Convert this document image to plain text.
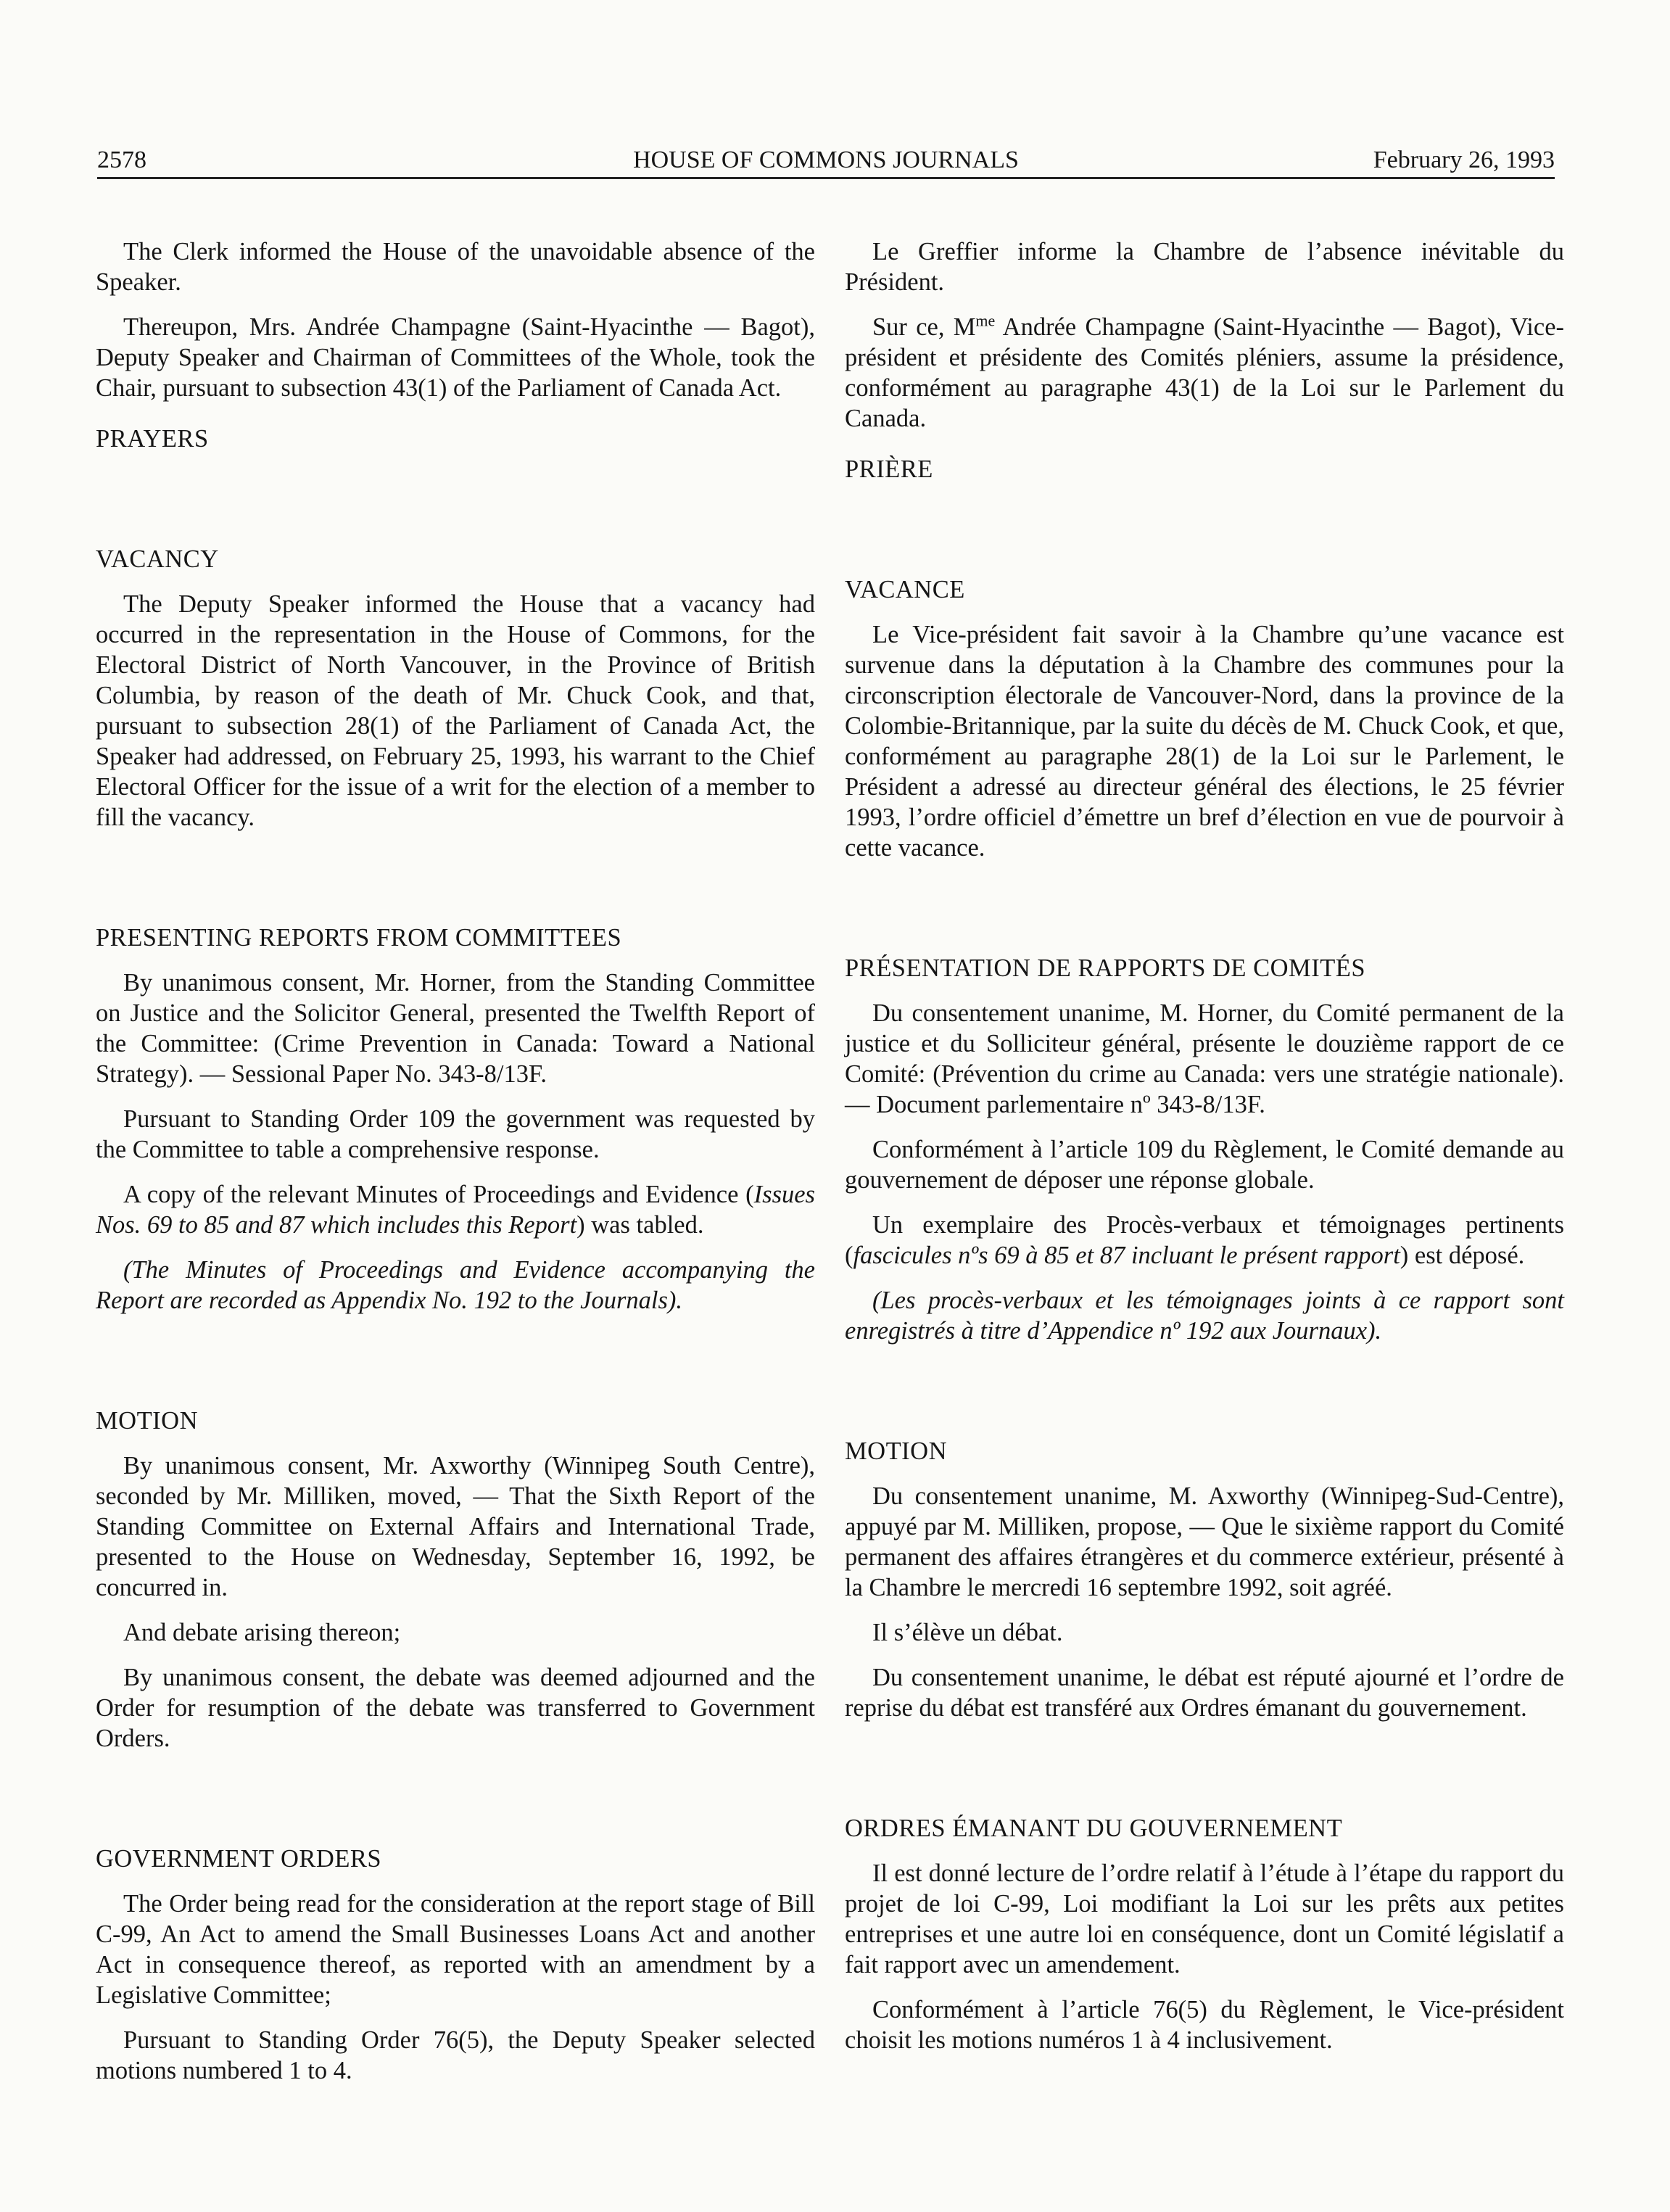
2578	HOUSE OF COMMONS JOURNALS	February 26, 1993

The Clerk informed the House of the unavoidable absence of the Speaker.

Thereupon, Mrs. Andrée Champagne (Saint-Hyacinthe — Bagot), Deputy Speaker and Chairman of Committees of the Whole, took the Chair, pursuant to subsection 43(1) of the Parliament of Canada Act.

PRAYERS

VACANCY

The Deputy Speaker informed the House that a vacancy had occurred in the representation in the House of Commons, for the Electoral District of North Vancouver, in the Province of British Columbia, by reason of the death of Mr. Chuck Cook, and that, pursuant to subsection 28(1) of the Parliament of Canada Act, the Speaker had addressed, on February 25, 1993, his warrant to the Chief Electoral Officer for the issue of a writ for the election of a member to fill the vacancy.

PRESENTING REPORTS FROM COMMITTEES

By unanimous consent, Mr. Horner, from the Standing Committee on Justice and the Solicitor General, presented the Twelfth Report of the Committee: (Crime Prevention in Canada: Toward a National Strategy). — Sessional Paper No. 343-8/13F.

Pursuant to Standing Order 109 the government was requested by the Committee to table a comprehensive response.

A copy of the relevant Minutes of Proceedings and Evidence (Issues Nos. 69 to 85 and 87 which includes this Report) was tabled.

(The Minutes of Proceedings and Evidence accompanying the Report are recorded as Appendix No. 192 to the Journals).

MOTION

By unanimous consent, Mr. Axworthy (Winnipeg South Centre), seconded by Mr. Milliken, moved, — That the Sixth Report of the Standing Committee on External Affairs and International Trade, presented to the House on Wednesday, September 16, 1992, be concurred in.

And debate arising thereon;

By unanimous consent, the debate was deemed adjourned and the Order for resumption of the debate was transferred to Government Orders.

GOVERNMENT ORDERS

The Order being read for the consideration at the report stage of Bill C-99, An Act to amend the Small Businesses Loans Act and another Act in consequence thereof, as reported with an amendment by a Legislative Committee;

Pursuant to Standing Order 76(5), the Deputy Speaker selected motions numbered 1 to 4.

Le Greffier informe la Chambre de l’absence inévitable du Président.

Sur ce, $M^{me}$ Andrée Champagne (Saint-Hyacinthe — Bagot), Vice-président et présidente des Comités pléniers, assume la présidence, conformément au paragraphe 43(1) de la Loi sur le Parlement du Canada.

PRIÈRE

VACANCE

Le Vice-président fait savoir à la Chambre qu’une vacance est survenue dans la députation à la Chambre des communes pour la circonscription électorale de Vancouver-Nord, dans la province de la Colombie-Britannique, par la suite du décès de M. Chuck Cook, et que, conformément au paragraphe 28(1) de la Loi sur le Parlement, le Président a adressé au directeur général des élections, le 25 février 1993, l’ordre officiel d’émettre un bref d’élection en vue de pourvoir à cette vacance.

PRÉSENTATION DE RAPPORTS DE COMITÉS

Du consentement unanime, M. Horner, du Comité permanent de la justice et du Solliciteur général, présente le douzième rapport de ce Comité: (Prévention du crime au Canada: vers une stratégie nationale). — Document parlementaire nº 343-8/13F.

Conformément à l’article 109 du Règlement, le Comité demande au gouvernement de déposer une réponse globale.

Un exemplaire des Procès-verbaux et témoignages pertinents (fascicules nºs 69 à 85 et 87 incluant le présent rapport) est déposé.

(Les procès-verbaux et les témoignages joints à ce rapport sont enregistrés à titre d’Appendice nº 192 aux Journaux).

MOTION

Du consentement unanime, M. Axworthy (Winnipeg-Sud-Centre), appuyé par M. Milliken, propose, — Que le sixième rapport du Comité permanent des affaires étrangères et du commerce extérieur, présenté à la Chambre le mercredi 16 septembre 1992, soit agréé.

Il s’élève un débat.

Du consentement unanime, le débat est réputé ajourné et l’ordre de reprise du débat est transféré aux Ordres émanant du gouvernement.

ORDRES ÉMANANT DU GOUVERNEMENT

Il est donné lecture de l’ordre relatif à l’étude à l’étape du rapport du projet de loi C-99, Loi modifiant la Loi sur les prêts aux petites entreprises et une autre loi en conséquence, dont un Comité législatif a fait rapport avec un amendement.

Conformément à l’article 76(5) du Règlement, le Vice-président choisit les motions numéros 1 à 4 inclusivement.
